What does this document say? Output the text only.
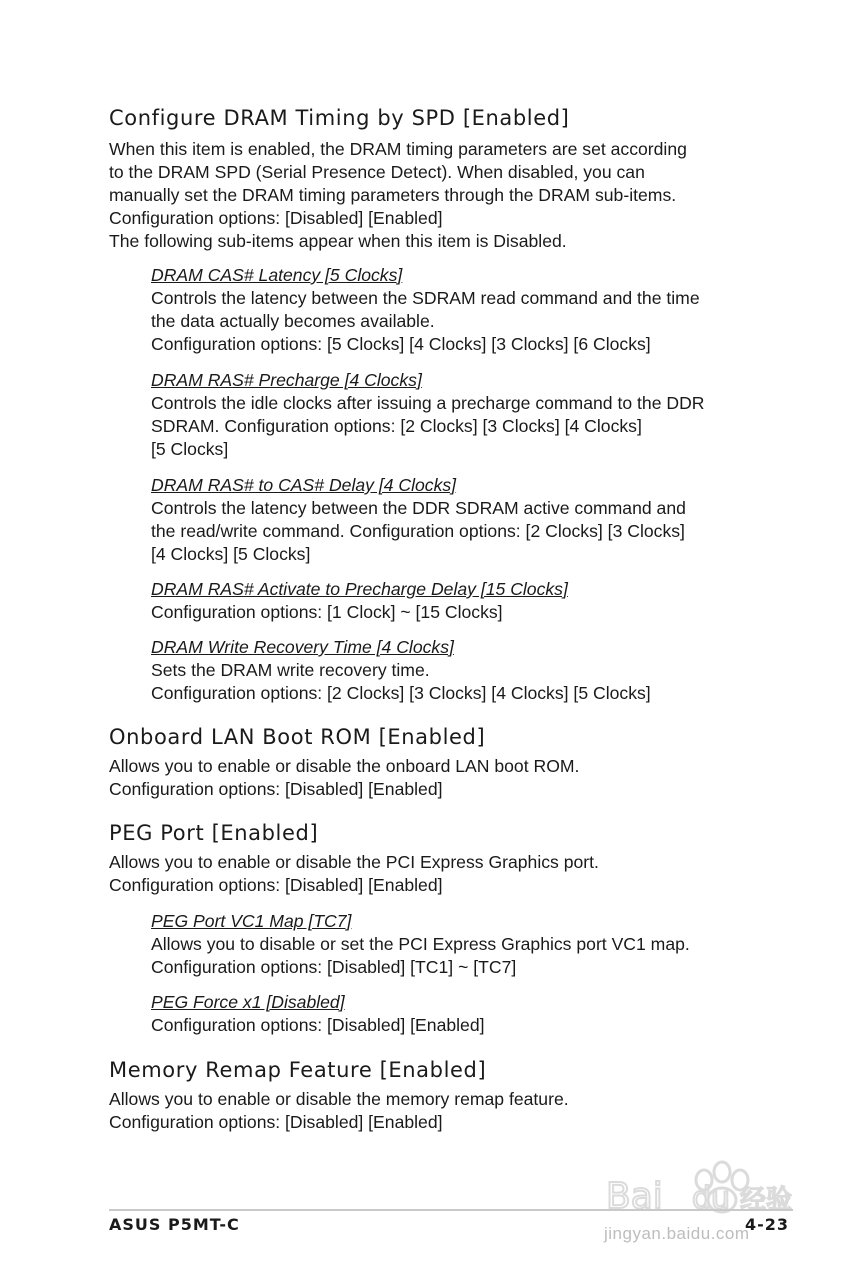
Configure DRAM Timing by SPD [Enabled]

When this item is enabled, the DRAM timing parameters are set according

to the DRAM SPD (Serial Presence Detect). When disabled, you can

manually set the DRAM timing parameters through the DRAM sub-items.

Configuration options: [Disabled] [Enabled]

The following sub-items appear when this item is Disabled.

DRAM CAS# Latency [5 Clocks]

Controls the latency between the SDRAM read command and the time

the data actually becomes available.

Configuration options: [5 Clocks] [4 Clocks] [3 Clocks] [6 Clocks]

DRAM RAS# Precharge [4 Clocks]

Controls the idle clocks after issuing a precharge command to the DDR

SDRAM. Configuration options: [2 Clocks] [3 Clocks] [4 Clocks]

[5 Clocks]

DRAM RAS# to CAS# Delay [4 Clocks]

Controls the latency between the DDR SDRAM active command and

the read/write command. Configuration options: [2 Clocks] [3 Clocks]

[4 Clocks] [5 Clocks]

DRAM RAS# Activate to Precharge Delay [15 Clocks]

Configuration options: [1 Clock] ~ [15 Clocks]

DRAM Write Recovery Time [4 Clocks]

Sets the DRAM write recovery time.

Configuration options: [2 Clocks] [3 Clocks] [4 Clocks] [5 Clocks]

Onboard LAN Boot ROM [Enabled]

Allows you to enable or disable the onboard LAN boot ROM.

Configuration options: [Disabled] [Enabled]

PEG Port [Enabled]

Allows you to enable or disable the PCI Express Graphics port.

Configuration options: [Disabled] [Enabled]

PEG Port VC1 Map [TC7]

Allows you to disable or set the PCI Express Graphics port VC1 map.

Configuration options: [Disabled] [TC1] ~ [TC7]

PEG Force x1 [Disabled]

Configuration options: [Disabled] [Enabled]

Memory Remap Feature [Enabled]

Allows you to enable or disable the memory remap feature.

Configuration options: [Disabled] [Enabled]

Bai du 经验
jingyan.baidu.com
ASUS P5MT-C	4-23
